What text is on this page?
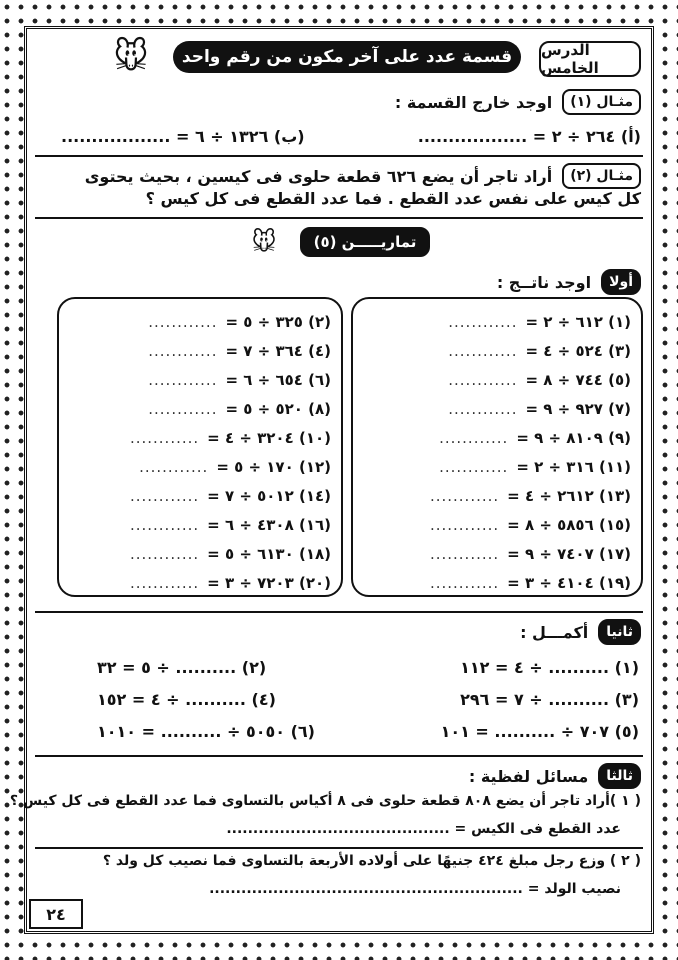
الدرس الخامس
قسمة عدد على آخر مكون من رقم واحد
🐭
مثـال (١)
اوجد خارج القسمة :
(أ) ٢٦٤ ÷ ٢ = ..................
(ب) ١٣٢٦ ÷ ٦ = ..................
مثـال (٢)
أراد تاجر أن يضع ٦٢٦ قطعة حلوى فى كيسين ، بحيث يحتوى
كل كيس على نفس عدد القطع . فما عدد القطع فى كل كيس ؟
🐭	تماريـــــن (٥)
أولا
اوجد ناتــج :
(١) ٦١٢ ÷ ٢ =
............
(٣) ٥٢٤ ÷ ٤ =
............
(٥) ٧٤٤ ÷ ٨ =
............
(٧) ٩٢٧ ÷ ٩ =
............
(٩) ٨١٠٩ ÷ ٩ =
............
(١١) ٣١٦ ÷ ٢ =
............
(١٣) ٢٦١٢ ÷ ٤ =
............
(١٥) ٥٨٥٦ ÷ ٨ =
............
(١٧) ٧٤٠٧ ÷ ٩ =
............
(١٩) ٤١٠٤ ÷ ٣ =
............
(٢) ٣٢٥ ÷ ٥ =
............
(٤) ٣٦٤ ÷ ٧ =
............
(٦) ٦٥٤ ÷ ٦ =
............
(٨) ٥٢٠ ÷ ٥ =
............
(١٠) ٣٢٠٤ ÷ ٤ =
............
(١٢) ١٧٠ ÷ ٥ =
............
(١٤) ٥٠١٢ ÷ ٧ =
............
(١٦) ٤٣٠٨ ÷ ٦ =
............
(١٨) ٦١٣٠ ÷ ٥ =
............
(٢٠) ٧٢٠٣ ÷ ٣ =
............
ثانيا
أكمـــل :
(١) .......... ÷ ٤ = ١١٢
(٣) .......... ÷ ٧ = ٢٩٦
(٥) ٧٠٧ ÷ .......... = ١٠١
(٢) .......... ÷ ٥ = ٣٢
(٤) .......... ÷ ٤ = ١٥٢
(٦) ٥٠٥٠ ÷ .......... = ١٠١٠
ثالثا
مسائل لفظية :
( ١ )أراد تاجر أن يضع ٨٠٨ قطعة حلوى فى ٨ أكياس بالتساوى فما عدد القطع فى كل كيس ؟
عدد القطع فى الكيس = ..........................................
( ٢ ) وزع رجل مبلغ ٤٢٤ جنيهًا على أولاده الأربعة بالتساوى فما نصيب كل ولد ؟
نصيب الولد = ...........................................................
٢٤
